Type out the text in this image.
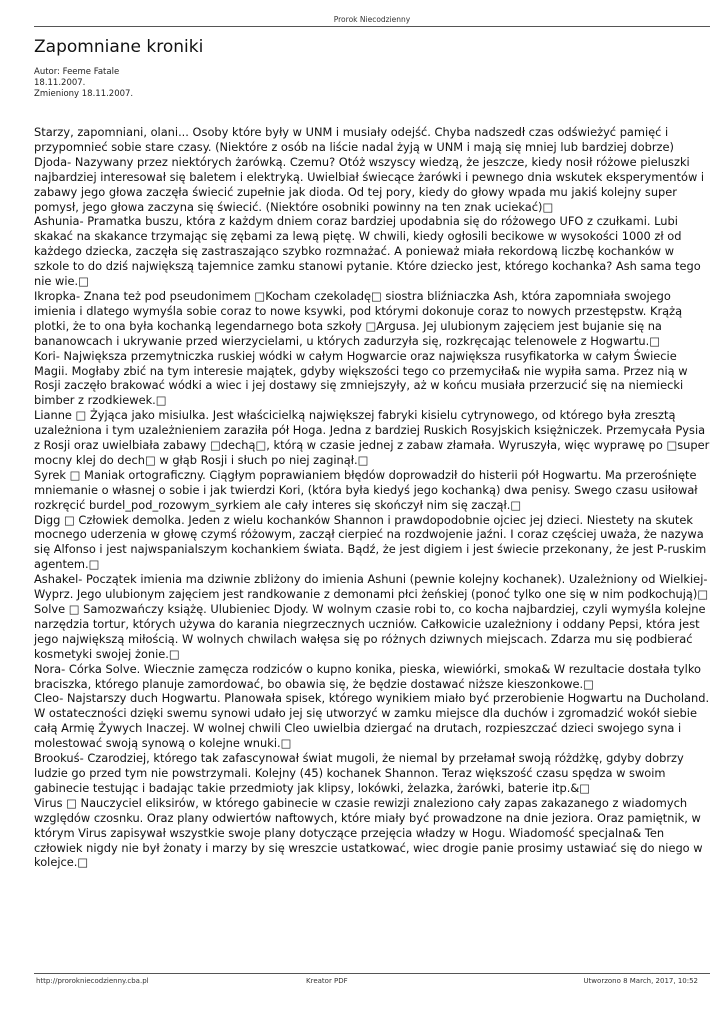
Prorok Niecodzienny
Zapomniane kroniki
Autor: Feeme Fatale
18.11.2007.
Zmieniony 18.11.2007.

Starzy, zapomniani, olani... Osoby które były w UNM i musiały odejść. Chyba nadszedł czas odświeżyć pamięć i przypomnieć sobie stare czasy. (Niektóre z osób na liście nadal żyją w UNM i mają się mniej lub bardziej dobrze)

Djoda- Nazywany przez niektórych żarówką. Czemu? Otóż wszyscy wiedzą, że jeszcze, kiedy nosił różowe pieluszki najbardziej interesował się baletem i elektryką. Uwielbiał świecące żarówki i pewnego dnia wskutek eksperymentów i zabawy jego głowa zaczęła świecić zupełnie jak dioda. Od tej pory, kiedy do głowy wpada mu jakiś kolejny super pomysł, jego głowa zaczyna się świecić. (Niektóre osobniki powinny na ten znak uciekać)□

Ashunia- Pramatka buszu, która z każdym dniem coraz bardziej upodabnia się do różowego UFO z czułkami. Lubi skakać na skakance trzymając się zębami za lewą piętę. W chwili, kiedy ogłosili becikowe w wysokości 1000 zł od każdego dziecka, zaczęła się zastraszająco szybko rozmnażać. A ponieważ miała rekordową liczbę kochanków w szkole to do dziś największą tajemnice zamku stanowi pytanie. Które dziecko jest, którego kochanka? Ash sama tego nie wie.□

Ikropka- Znana też pod pseudonimem □Kocham czekoladę□ siostra bliźniaczka Ash, która zapomniała swojego imienia i dlatego wymyśla sobie coraz to nowe ksywki, pod którymi dokonuje coraz to nowych przestępstw. Krążą plotki, że to ona była kochanką legendarnego bota szkoły □Argusa. Jej ulubionym zajęciem jest bujanie się na bananowcach i ukrywanie przed wierzycielami, u których zadurzyła się, rozkręcając telenowele z Hogwartu.□

Kori- Największa przemytniczka ruskiej wódki w całym Hogwarcie oraz największa rusyfikatorka w całym Świecie Magii. Mogłaby zbić na tym interesie majątek, gdyby większości tego co przemyciła& nie wypiła sama. Przez nią w Rosji zaczęło brakować wódki a wiec i jej dostawy się zmniejszyły, aż w końcu musiała przerzucić się na niemiecki bimber z rzodkiewek.□

Lianne □ Żyjąca jako misiulka. Jest właścicielką największej fabryki kisielu cytrynowego, od którego była zresztą uzależniona i tym uzależnieniem zaraziła pół Hoga. Jedna z bardziej Ruskich Rosyjskich księżniczek. Przemycała Pysia z Rosji oraz uwielbiała zabawy □dechą□, którą w czasie jednej z zabaw złamała. Wyruszyła, więc wyprawę po □super mocny klej do dech□ w głąb Rosji i słuch po niej zaginął.□

Syrek □ Maniak ortograficzny. Ciągłym poprawianiem błędów doprowadził do histerii pół Hogwartu. Ma przerośnięte mniemanie o własnej o sobie i jak twierdzi Kori, (która była kiedyś jego kochanką) dwa penisy. Swego czasu usiłował rozkręcić burdel_pod_rozowym_syrkiem ale cały interes się skończył nim się zaczął.□

Digg □ Człowiek demolka. Jeden z wielu kochanków Shannon i prawdopodobnie ojciec jej dzieci. Niestety na skutek mocnego uderzenia w głowę czymś różowym, zaczął cierpieć na rozdwojenie jaźni. I coraz częściej uważa, że nazywa się Alfonso i jest najwspanialszym kochankiem świata. Bądź, że jest digiem i jest świecie przekonany, że jest P-ruskim agentem.□

Ashakel- Początek imienia ma dziwnie zbliżony do imienia Ashuni (pewnie kolejny kochanek). Uzależniony od Wielkiej-Wyprz. Jego ulubionym zajęciem jest randkowanie z demonami płci żeńskiej (ponoć tylko one się w nim podkochują)□

Solve □ Samozwańczy książę. Ulubieniec Djody. W wolnym czasie robi to, co kocha najbardziej, czyli wymyśla kolejne narzędzia tortur, których używa do karania niegrzecznych uczniów. Całkowicie uzależniony i oddany Pepsi, która jest jego największą miłością. W wolnych chwilach wałęsa się po różnych dziwnych miejscach. Zdarza mu się podbierać kosmetyki swojej żonie.□

Nora- Córka Solve. Wiecznie zamęcza rodziców o kupno konika, pieska, wiewiórki, smoka& W rezultacie dostała tylko braciszka, którego planuje zamordować, bo obawia się, że będzie dostawać niższe kieszonkowe.□

Cleo- Najstarszy duch Hogwartu. Planowała spisek, którego wynikiem miało być przerobienie Hogwartu na Ducholand. W ostateczności dzięki swemu synowi udało jej się utworzyć w zamku miejsce dla duchów i zgromadzić wokół siebie całą Armię Żywych Inaczej. W wolnej chwili Cleo uwielbia dziergać na drutach, rozpieszczać dzieci swojego syna i molestować swoją synową o kolejne wnuki.□

Brookuś- Czarodziej, którego tak zafascynował świat mugoli, że niemal by przełamał swoją różdżkę, gdyby dobrzy ludzie go przed tym nie powstrzymali. Kolejny (45) kochanek Shannon. Teraz większość czasu spędza w swoim gabinecie testując i badając takie przedmioty jak klipsy, lokówki, żelazka, żarówki, baterie itp.&□

Virus □ Nauczyciel eliksirów, w którego gabinecie w czasie rewizji znaleziono cały zapas zakazanego z wiadomych względów czosnku. Oraz plany odwiertów naftowych, które miały być prowadzone na dnie jeziora. Oraz pamiętnik, w którym Virus zapisywał wszystkie swoje plany dotyczące przejęcia władzy w Hogu. Wiadomość specjalna& Ten człowiek nigdy nie był żonaty i marzy by się wreszcie ustatkować, wiec drogie panie prosimy ustawiać się do niego w kolejce.□

http://prorokniecodzienny.cba.pl	Kreator PDF	Utworzono 8 March, 2017, 10:52
